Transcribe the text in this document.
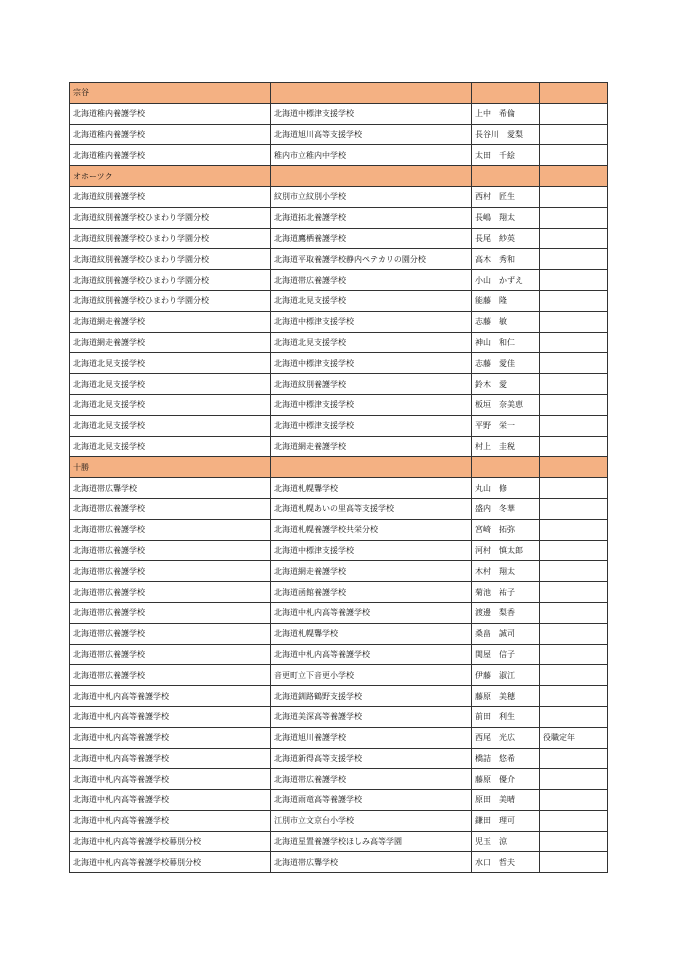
宗谷			
北海道稚内養護学校	北海道中標津支援学校	上中　希倫	
北海道稚内養護学校	北海道旭川高等支援学校	長谷川　愛梨	
北海道稚内養護学校	稚内市立稚内中学校	太田　千絵	
オホーツク			
北海道紋別養護学校	紋別市立紋別小学校	西村　匠生	
北海道紋別養護学校ひまわり学園分校	北海道拓北養護学校	長嶋　翔太	
北海道紋別養護学校ひまわり学園分校	北海道鷹栖養護学校	長尾　紗英	
北海道紋別養護学校ひまわり学園分校	北海道平取養護学校静内ペテカリの園分校	高木　秀和	
北海道紋別養護学校ひまわり学園分校	北海道帯広養護学校	小山　かずえ	
北海道紋別養護学校ひまわり学園分校	北海道北見支援学校	能藤　隆	
北海道網走養護学校	北海道中標津支援学校	志藤　敏	
北海道網走養護学校	北海道北見支援学校	神山　和仁	
北海道北見支援学校	北海道中標津支援学校	志藤　愛佳	
北海道北見支援学校	北海道紋別養護学校	鈴木　愛	
北海道北見支援学校	北海道中標津支援学校	板垣　奈美恵	
北海道北見支援学校	北海道中標津支援学校	平野　栄一	
北海道北見支援学校	北海道網走養護学校	村上　圭税	
十勝			
北海道帯広聾学校	北海道札幌聾学校	丸山　修	
北海道帯広養護学校	北海道札幌あいの里高等支援学校	盛内　冬華	
北海道帯広養護学校	北海道札幌養護学校共栄分校	宮崎　拓弥	
北海道帯広養護学校	北海道中標津支援学校	河村　慎太郎	
北海道帯広養護学校	北海道網走養護学校	木村　翔太	
北海道帯広養護学校	北海道函館養護学校	菊池　祐子	
北海道帯広養護学校	北海道中札内高等養護学校	渡邊　梨香	
北海道帯広養護学校	北海道札幌聾学校	桑畠　誠司	
北海道帯広養護学校	北海道中札内高等養護学校	関屋　信子	
北海道帯広養護学校	音更町立下音更小学校	伊藤　淑江	
北海道中札内高等養護学校	北海道釧路鶴野支援学校	藤原　美穂	
北海道中札内高等養護学校	北海道美深高等養護学校	前田　利生	
北海道中札内高等養護学校	北海道旭川養護学校	西尾　光広	役職定年
北海道中札内高等養護学校	北海道新得高等支援学校	橋詰　悠希	
北海道中札内高等養護学校	北海道帯広養護学校	藤原　優介	
北海道中札内高等養護学校	北海道雨竜高等養護学校	原田　美晴	
北海道中札内高等養護学校	江別市立文京台小学校	鎌田　理可	
北海道中札内高等養護学校幕別分校	北海道星置養護学校ほしみ高等学園	児玉　涼	
北海道中札内高等養護学校幕別分校	北海道帯広聾学校	水口　哲夫	
